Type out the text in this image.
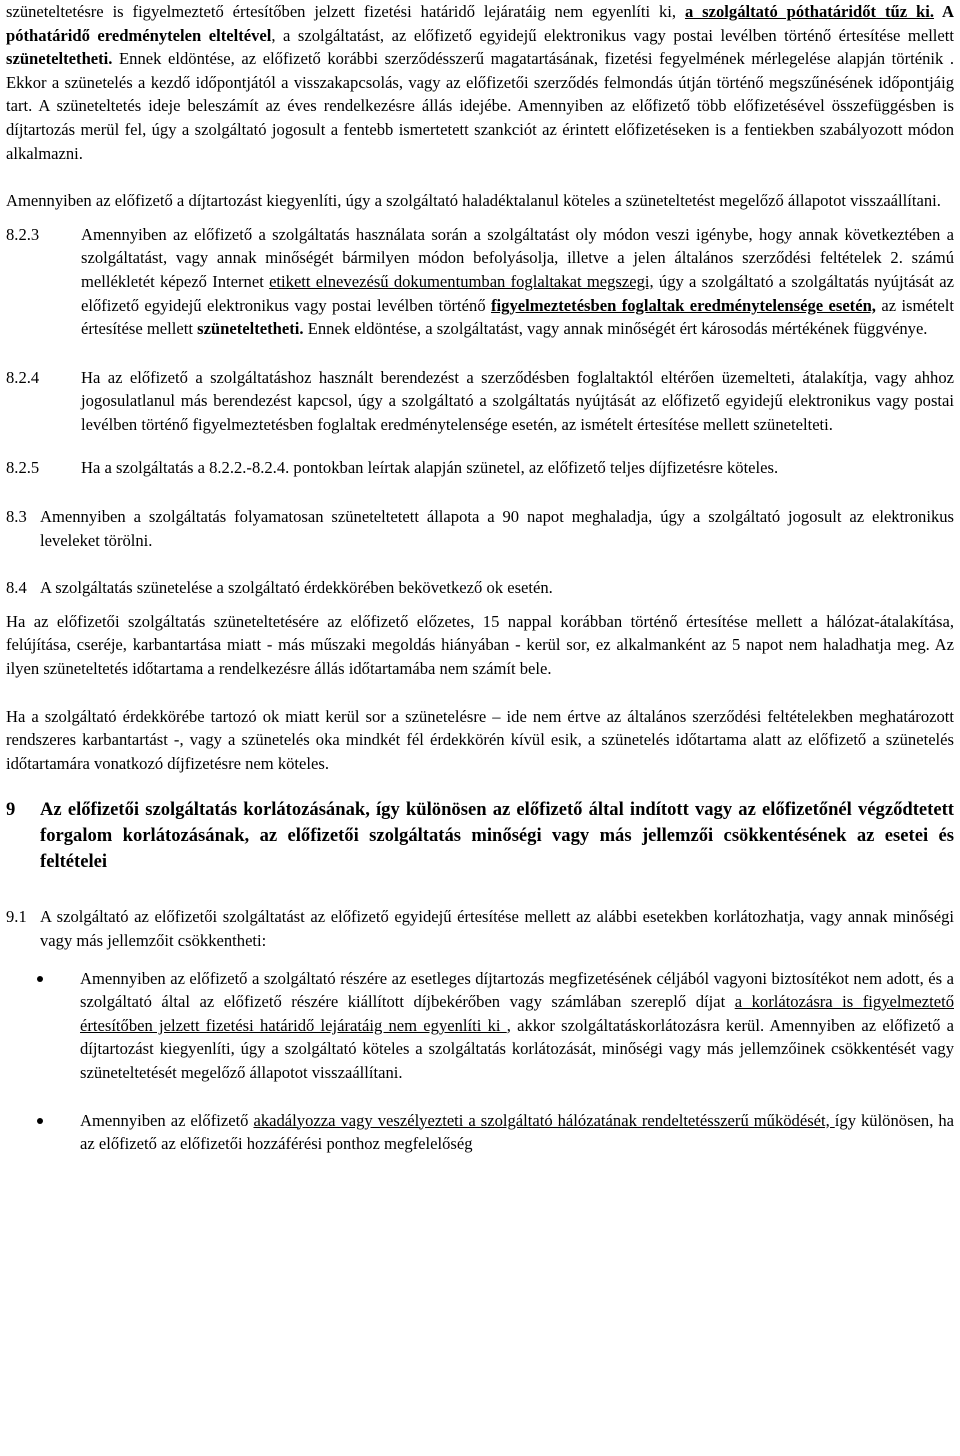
szüneteltetésre is figyelmeztető értesítőben jelzett fizetési határidő lejáratáig nem egyenlíti ki, a szolgáltató póthatáridőt tűz ki. A póthatáridő eredménytelen elteltével, a szolgáltatást, az előfizető egyidejű elektronikus vagy postai levélben történő értesítése mellett szüneteltetheti. Ennek eldöntése, az előfizető korábbi szerződésszerű magatartásának, fizetési fegyelmének mérlegelése alapján történik . Ekkor a szünetelés a kezdő időpontjától a visszakapcsolás, vagy az előfizetői szerződés felmondás útján történő megszűnésének időpontjáig tart. A szüneteltetés ideje beleszámít az éves rendelkezésre állás idejébe. Amennyiben az előfizető több előfizetésével összefüggésben is díjtartozás merül fel, úgy a szolgáltató jogosult a fentebb ismertetett szankciót az érintett előfizetéseken is a fentiekben szabályozott módon alkalmazni.

Amennyiben az előfizető a díjtartozást kiegyenlíti, úgy a szolgáltató haladéktalanul köteles a szüneteltetést megelőző állapotot visszaállítani.

8.2.3	Amennyiben az előfizető a szolgáltatás használata során a szolgáltatást oly módon veszi igénybe, hogy annak következtében a szolgáltatást, vagy annak minőségét bármilyen módon befolyásolja, illetve a jelen általános szerződési feltételek 2. számú mellékletét képező Internet etikett elnevezésű dokumentumban foglaltakat megszegi, úgy a szolgáltató a szolgáltatás nyújtását az előfizető egyidejű elektronikus vagy postai levélben történő figyelmeztetésben foglaltak eredménytelensége esetén, az ismételt értesítése mellett szüneteltetheti. Ennek eldöntése, a szolgáltatást, vagy annak minőségét ért károsodás mértékének függvénye.

8.2.4	Ha az előfizető a szolgáltatáshoz használt berendezést a szerződésben foglaltaktól eltérően üzemelteti, átalakítja, vagy ahhoz jogosulatlanul más berendezést kapcsol, úgy a szolgáltató a szolgáltatás nyújtását az előfizető egyidejű elektronikus vagy postai levélben történő figyelmeztetésben foglaltak eredménytelensége esetén, az ismételt értesítése mellett szünetelteti.

8.2.5	Ha a szolgáltatás a 8.2.2.-8.2.4. pontokban leírtak alapján szünetel, az előfizető teljes díjfizetésre köteles.

8.3 Amennyiben a szolgáltatás folyamatosan szüneteltetett állapota a 90 napot meghaladja, úgy a szolgáltató jogosult az elektronikus leveleket törölni.

8.4 A szolgáltatás szünetelése a szolgáltató érdekkörében bekövetkező ok esetén.

Ha az előfizetői szolgáltatás szüneteltetésére az előfizető előzetes, 15 nappal korábban történő értesítése mellett a hálózat-átalakítása, felújítása, cseréje, karbantartása miatt - más műszaki megoldás hiányában - kerül sor, ez alkalmanként az 5 napot nem haladhatja meg. Az ilyen szüneteltetés időtartama a rendelkezésre állás időtartamába nem számít bele.

Ha a szolgáltató érdekkörébe tartozó ok miatt kerül sor a szünetelésre – ide nem értve az általános szerződési feltételekben meghatározott rendszeres karbantartást -, vagy a szünetelés oka mindkét fél érdekkörén kívül esik, a szünetelés időtartama alatt az előfizető a szünetelés időtartamára vonatkozó díjfizetésre nem köteles.

9	Az előfizetői szolgáltatás korlátozásának, így különösen az előfizető által indított vagy az előfizetőnél végződtetett forgalom korlátozásának, az előfizetői szolgáltatás minőségi vagy más jellemzői csökkentésének az esetei és feltételei

9.1 A szolgáltató az előfizetői szolgáltatást az előfizető egyidejű értesítése mellett az alábbi esetekben korlátozhatja, vagy annak minőségi vagy más jellemzőit csökkentheti:

Amennyiben az előfizető a szolgáltató részére az esetleges díjtartozás megfizetésének céljából vagyoni biztosítékot nem adott, és a szolgáltató által az előfizető részére kiállított díjbekérőben vagy számlában szereplő díjat a korlátozásra is figyelmeztető értesítőben jelzett fizetési határidő lejáratáig nem egyenlíti ki , akkor szolgáltatáskorlátozásra kerül. Amennyiben az előfizető a díjtartozást kiegyenlíti, úgy a szolgáltató köteles a szolgáltatás korlátozását, minőségi vagy más jellemzőinek csökkentését vagy szüneteltetését megelőző állapotot visszaállítani.

Amennyiben az előfizető akadályozza vagy veszélyezteti a szolgáltató hálózatának rendeltetésszerű működését, így különösen, ha az előfizető az előfizetői hozzáférési ponthoz megfelelőség
